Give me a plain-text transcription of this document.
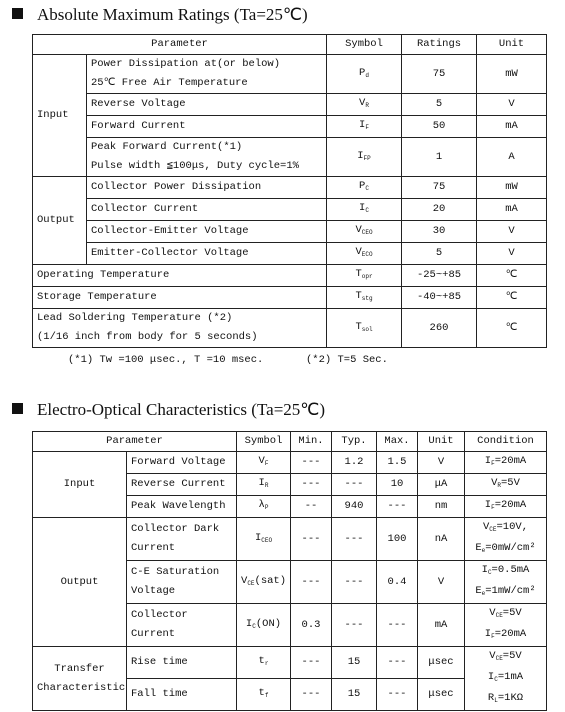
Absolute Maximum Ratings (Ta=25℃)
Parameter		Symbol	Ratings	Unit
Input	Power Dissipation at(or below)
25℃ Free Air Temperature	$P_d$	75	mW
	Reverse Voltage	$V_R$	5	V
	Forward Current	$I_F$	50	mA
	Peak Forward Current(*1)
Pulse width ≦100μs, Duty cycle=1%	$I_{FP}$	1	A
Output	Collector Power Dissipation	$P_C$	75	mW
	Collector Current	$I_C$	20	mA
	Collector-Emitter Voltage	$V_{CEO}$	30	V
	Emitter-Collector Voltage	$V_{ECO}$	5	V
Operating Temperature		$T_{opr}$	-25~+85	℃
Storage Temperature		$T_{stg}$	-40~+85	℃
Lead Soldering Temperature (*2)
(1/16 inch from body for 5 seconds)		$T_{sol}$	260	℃
(*1) Tw =100 μsec., T =10 msec.	(*2) T=5 Sec.
Electro-Optical Characteristics (Ta=25℃)
Parameter		Symbol	Min.	Typ.	Max.	Unit	Condition
Input	Forward Voltage	$V_F$	---	1.2	1.5	V	$I_F=20mA$
	Reverse Current	$I_R$	---	---	10	μA	$V_R=5V$
	Peak Wavelength	$\lambda_P$	--	940	---	nm	$I_F=20mA$
Output	Collector Dark
Current	$I_{CEO}$	---	---	100	nA	$V_{CE}=10V$,
$E_e=0mW$/cm²
	C-E Saturation
Voltage	$V_{CE}(sat)$	---	---	0.4	V	$I_C=0.5mA$
$E_e=1mW$/cm²
	Collector
Current	$I_C(ON)$	0.3	---	---	mA	$V_{CE}=5V$
$I_F=20mA$
Transfer
Characteristic	Rise time	$t_r$	---	15	---	μsec	$V_{CE}=5V$
$I_C=1mA$
$R_L=1K\Omega$
	Fall time	$t_f$	---	15	---	μsec	
